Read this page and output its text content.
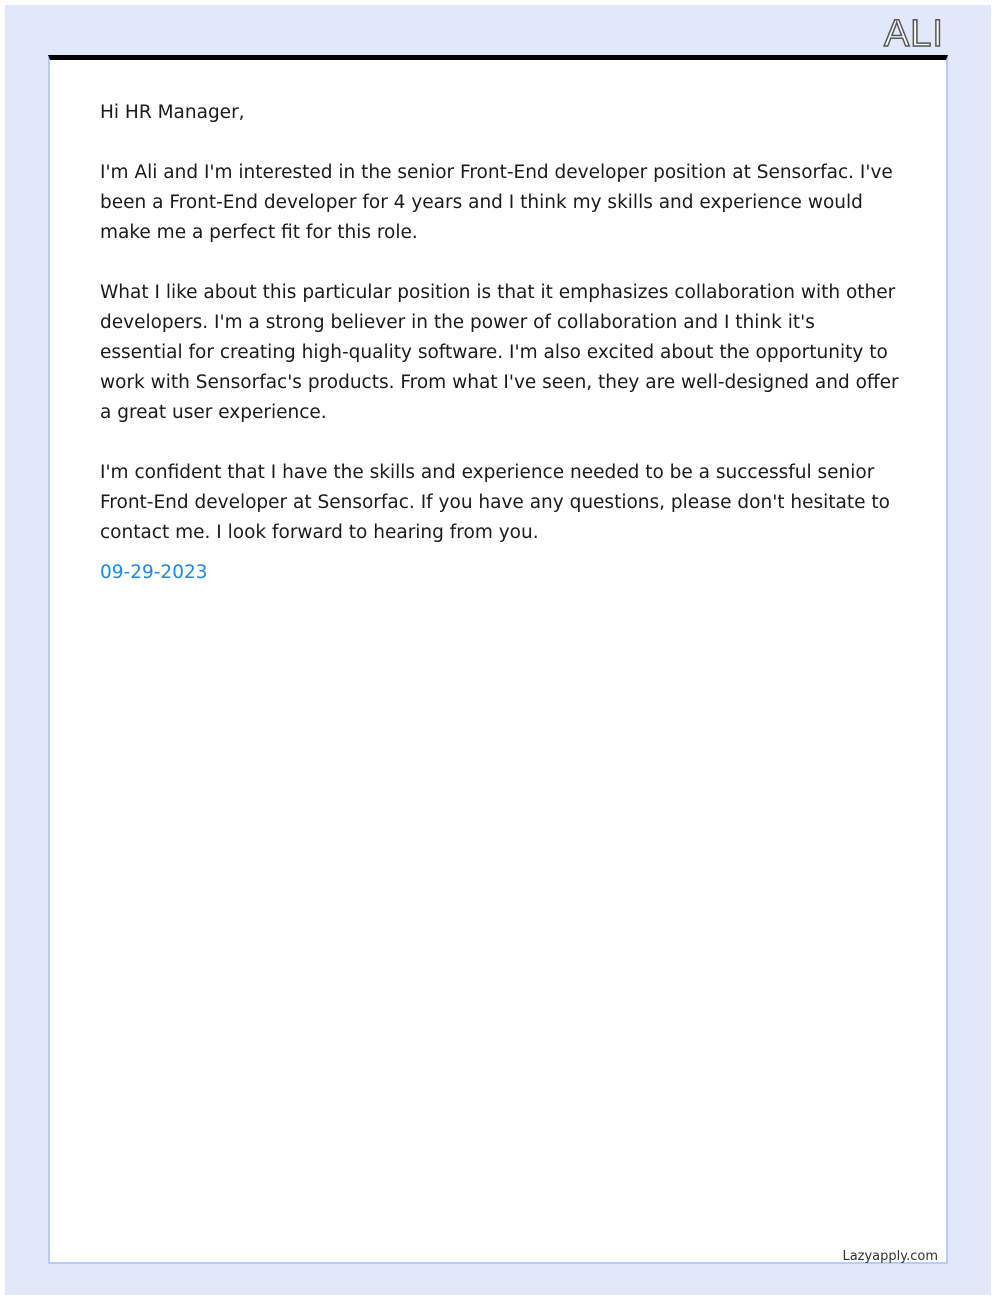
ALI

Hi HR Manager,

I'm Ali and I'm interested in the senior Front-End developer position at Sensorfac. I've been a Front-End developer for 4 years and I think my skills and experience would make me a perfect fit for this role.

What I like about this particular position is that it emphasizes collaboration with other developers. I'm a strong believer in the power of collaboration and I think it's essential for creating high-quality software. I'm also excited about the opportunity to work with Sensorfac's products. From what I've seen, they are well-designed and offer a great user experience.

I'm confident that I have the skills and experience needed to be a successful senior Front-End developer at Sensorfac. If you have any questions, please don't hesitate to contact me. I look forward to hearing from you.

09-29-2023
Lazyapply.com
